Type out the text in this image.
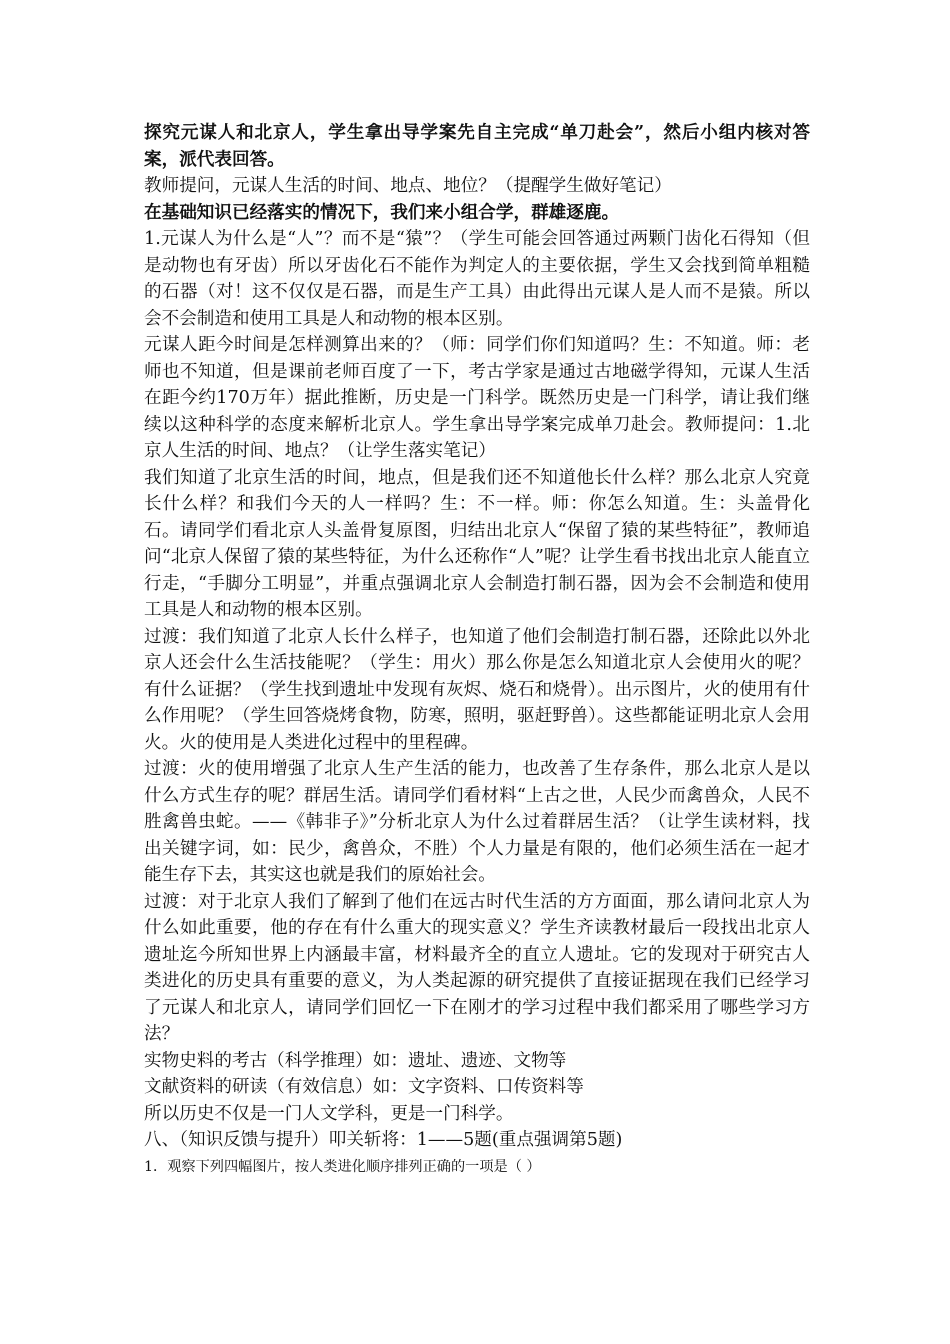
探究元谋人和北京人，学生拿出导学案先自主完成“单刀赴会”，然后小组内核对答案，派代表回答。

教师提问，元谋人生活的时间、地点、地位？（提醒学生做好笔记）

在基础知识已经落实的情况下，我们来小组合学，群雄逐鹿。

1.元谋人为什么是“人”？而不是“猿”？（学生可能会回答通过两颗门齿化石得知（但是动物也有牙齿）所以牙齿化石不能作为判定人的主要依据，学生又会找到简单粗糙的石器（对！这不仅仅是石器，而是生产工具）由此得出元谋人是人而不是猿。所以会不会制造和使用工具是人和动物的根本区别。

元谋人距今时间是怎样测算出来的？（师：同学们你们知道吗？生：不知道。师：老师也不知道，但是课前老师百度了一下，考古学家是通过古地磁学得知，元谋人生活在距今约170万年）据此推断，历史是一门科学。既然历史是一门科学，请让我们继续以这种科学的态度来解析北京人。学生拿出导学案完成单刀赴会。教师提问：1.北京人生活的时间、地点？（让学生落实笔记）

我们知道了北京生活的时间，地点，但是我们还不知道他长什么样？那么北京人究竟长什么样？和我们今天的人一样吗？生：不一样。师：你怎么知道。生：头盖骨化石。请同学们看北京人头盖骨复原图，归结出北京人“保留了猿的某些特征”，教师追问“北京人保留了猿的某些特征，为什么还称作“人”呢？让学生看书找出北京人能直立行走，“手脚分工明显”，并重点强调北京人会制造打制石器，因为会不会制造和使用工具是人和动物的根本区别。

过渡：我们知道了北京人长什么样子，也知道了他们会制造打制石器，还除此以外北京人还会什么生活技能呢？（学生：用火）那么你是怎么知道北京人会使用火的呢？有什么证据？（学生找到遗址中发现有灰烬、烧石和烧骨）。出示图片，火的使用有什么作用呢？（学生回答烧烤食物，防寒，照明，驱赶野兽）。这些都能证明北京人会用火。火的使用是人类进化过程中的里程碑。

过渡：火的使用增强了北京人生产生活的能力，也改善了生存条件，那么北京人是以什么方式生存的呢？群居生活。请同学们看材料“上古之世，人民少而禽兽众，人民不胜禽兽虫蛇。——《韩非子》”分析北京人为什么过着群居生活？（让学生读材料，找出关键字词，如：民少，禽兽众，不胜）个人力量是有限的，他们必须生活在一起才能生存下去，其实这也就是我们的原始社会。

过渡：对于北京人我们了解到了他们在远古时代生活的方方面面，那么请问北京人为什么如此重要，他的存在有什么重大的现实意义？学生齐读教材最后一段找出北京人遗址迄今所知世界上内涵最丰富，材料最齐全的直立人遗址。它的发现对于研究古人类进化的历史具有重要的意义，为人类起源的研究提供了直接证据现在我们已经学习了元谋人和北京人，请同学们回忆一下在刚才的学习过程中我们都采用了哪些学习方法？

实物史料的考古（科学推理）如：遗址、遗迹、文物等

文献资料的研读（有效信息）如：文字资料、口传资料等

所以历史不仅是一门人文学科，更是一门科学。

八、（知识反馈与提升）叩关斩将：1——5题(重点强调第5题)

1．观察下列四幅图片，按人类进化顺序排列正确的一项是（ ）
